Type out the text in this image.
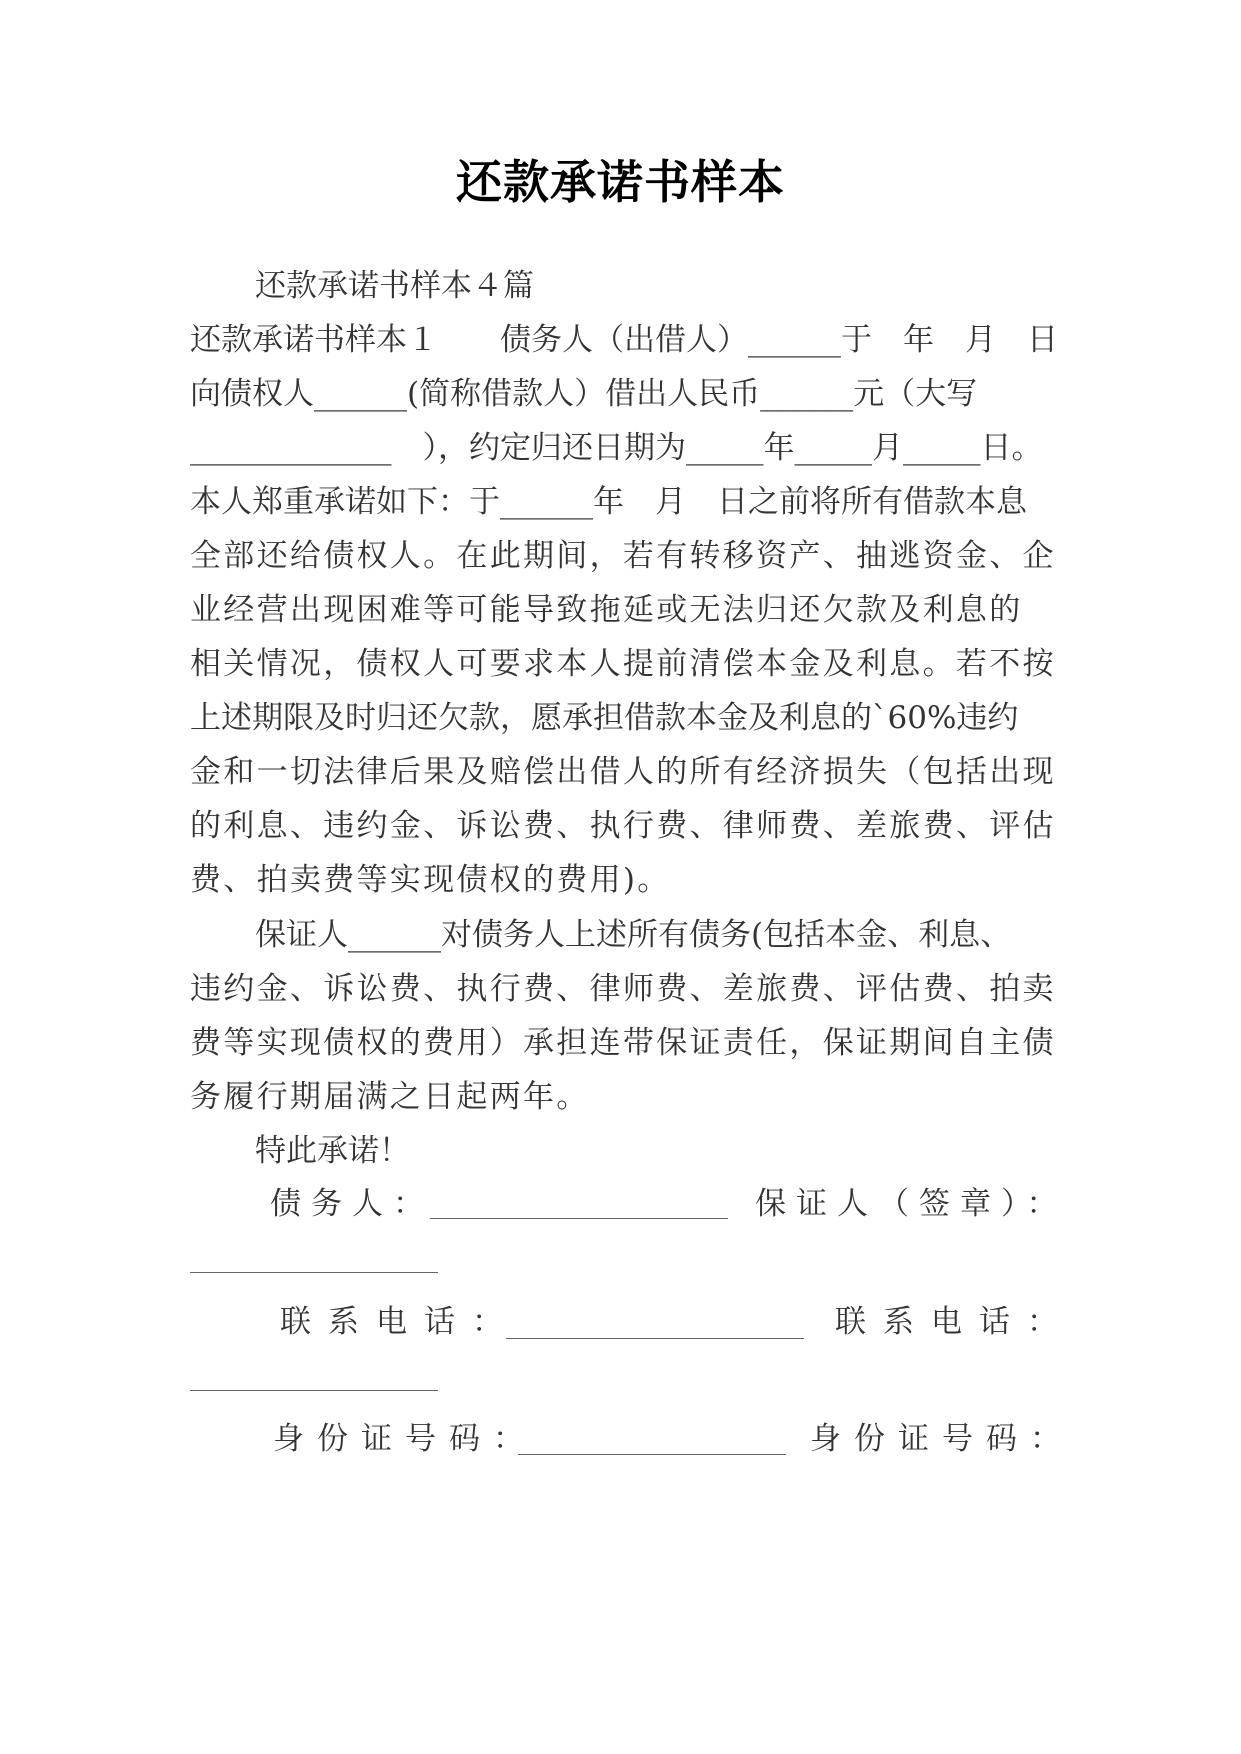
还款承诺书样本
还款承诺书样本４篇
还款承诺书样本１　　债务人（出借人）______于　年　月　日
向债权人______(简称借款人）借出人民币______元（大写
_____________　），约定归还日期为_____年_____月_____日。
本人郑重承诺如下：于______年　月　日之前将所有借款本息
全部还给债权人。在此期间，若有转移资产、抽逃资金、企
业经营出现困难等可能导致拖延或无法归还欠款及利息的
相关情况，债权人可要求本人提前清偿本金及利息。若不按
上述期限及时归还欠款，愿承担借款本金及利息的`60%违约
金和一切法律后果及赔偿出借人的所有经济损失（包括出现
的利息、违约金、诉讼费、执行费、律师费、差旅费、评估
费、拍卖费等实现债权的费用)。
保证人______对债务人上述所有债务(包括本金、利息、
违约金、诉讼费、执行费、律师费、差旅费、评估费、拍卖
费等实现债权的费用）承担连带保证责任，保证期间自主债
务履行期届满之日起两年。
特此承诺！
债务人：	保证人（签章）：
联系电话：	联系电话：
身份证号码：	身份证号码：
